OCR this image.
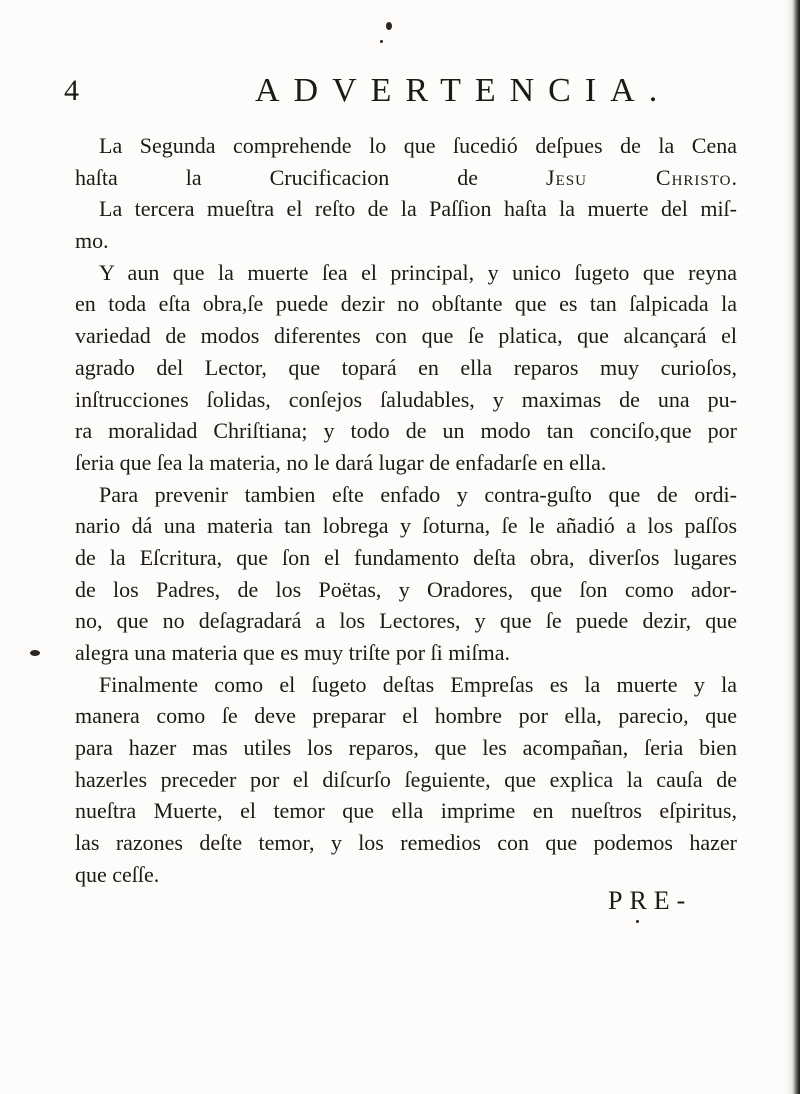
4	ADVERTENCIA.
La Segunda comprehende lo que ſucedió deſpues de la Cena
haſta la Crucificacion de Jesu Christo.
La tercera mueſtra el reſto de la Paſſion haſta la muerte del miſ-
mo.
Y aun que la muerte ſea el principal, y unico ſugeto que reyna
en toda eſta obra,ſe puede dezir no obſtante que es tan ſalpicada la
variedad de modos diferentes con que ſe platica, que alcançará el
agrado del Lector, que topará en ella reparos muy curioſos,
inſtrucciones ſolidas, conſejos ſaludables, y maximas de una pu-
ra moralidad Chriſtiana; y todo de un modo tan conciſo,que por
ſeria que ſea la materia, no le dará lugar de enfadarſe en ella.
Para prevenir tambien eſte enfado y contra-guſto que de ordi-
nario dá una materia tan lobrega y ſoturna, ſe le añadió a los paſſos
de la Eſcritura, que ſon el fundamento deſta obra, diverſos lugares
de los Padres, de los Poëtas, y Oradores, que ſon como ador-
no, que no deſagradará a los Lectores, y que ſe puede dezir, que
alegra una materia que es muy triſte por ſi miſma.
Finalmente como el ſugeto deſtas Empreſas es la muerte y la
manera como ſe deve preparar el hombre por ella, parecio, que
para hazer mas utiles los reparos, que les acompañan, ſeria bien
hazerles preceder por el diſcurſo ſeguiente, que explica la cauſa de
nueſtra Muerte, el temor que ella imprime en nueſtros eſpiritus,
las razones deſte temor, y los remedios con que podemos hazer
que ceſſe.
PRE-
